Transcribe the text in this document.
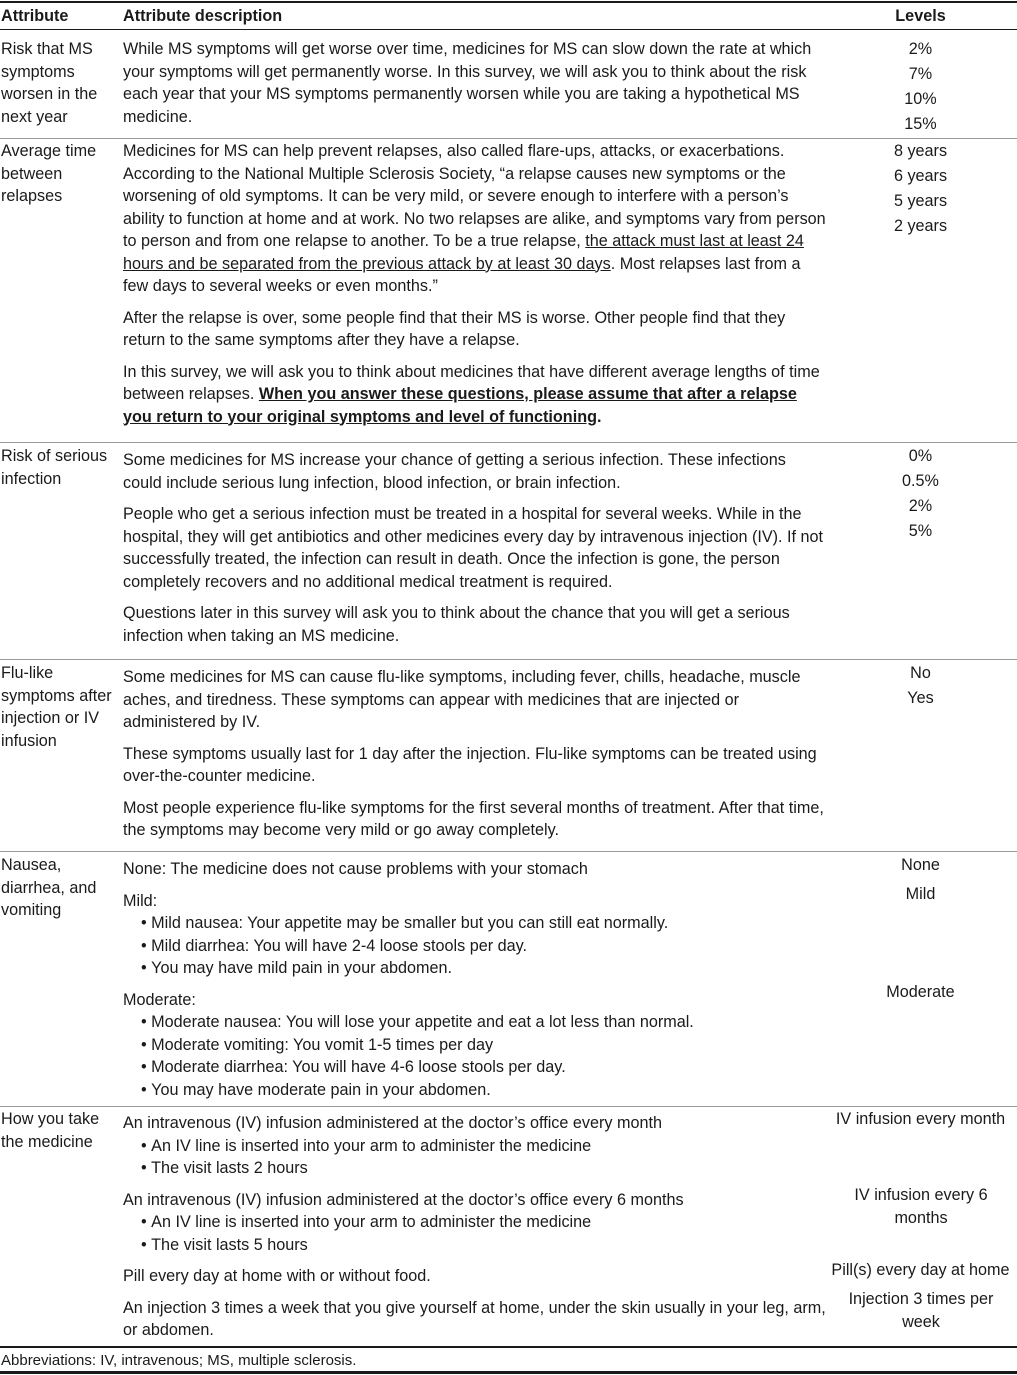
Attribute	Attribute description	Levels
Risk that MS symptoms worsen in the next year

While MS symptoms will get worse over time, medicines for MS can slow down the rate at which your symptoms will get permanently worse. In this survey, we will ask you to think about the risk each year that your MS symptoms permanently worsen while you are taking a hypothetical MS medicine.

2%
7%
10%
15%
Average time between relapses

Medicines for MS can help prevent relapses, also called flare-ups, attacks, or exacerbations. According to the National Multiple Sclerosis Society, “a relapse causes new symptoms or the worsening of old symptoms. It can be very mild, or severe enough to interfere with a person’s ability to function at home and at work. No two relapses are alike, and symptoms vary from person to person and from one relapse to another. To be a true relapse, the attack must last at least 24 hours and be separated from the previous attack by at least 30 days. Most relapses last from a few days to several weeks or even months.”

After the relapse is over, some people find that their MS is worse. Other people find that they return to the same symptoms after they have a relapse.

In this survey, we will ask you to think about medicines that have different average lengths of time between relapses. When you answer these questions, please assume that after a relapse you return to your original symptoms and level of functioning.

8 years
6 years
5 years
2 years
Risk of serious infection

Some medicines for MS increase your chance of getting a serious infection. These infections could include serious lung infection, blood infection, or brain infection.

People who get a serious infection must be treated in a hospital for several weeks. While in the hospital, they will get antibiotics and other medicines every day by intravenous injection (IV). If not successfully treated, the infection can result in death. Once the infection is gone, the person completely recovers and no additional medical treatment is required.

Questions later in this survey will ask you to think about the chance that you will get a serious infection when taking an MS medicine.

0%
0.5%
2%
5%
Flu-like symptoms after injection or IV infusion

Some medicines for MS can cause flu-like symptoms, including fever, chills, headache, muscle aches, and tiredness. These symptoms can appear with medicines that are injected or administered by IV.

These symptoms usually last for 1 day after the injection. Flu-like symptoms can be treated using over-the-counter medicine.

Most people experience flu-like symptoms for the first several months of treatment. After that time, the symptoms may become very mild or go away completely.

No
Yes
Nausea, diarrhea, and vomiting

None: The medicine does not cause problems with your stomach

Mild:
• Mild nausea: Your appetite may be smaller but you can still eat normally.
• Mild diarrhea: You will have 2-4 loose stools per day.
• You may have mild pain in your abdomen.

Moderate:
• Moderate nausea: You will lose your appetite and eat a lot less than normal.
• Moderate vomiting: You vomit 1-5 times per day
• Moderate diarrhea: You will have 4-6 loose stools per day.
• You may have moderate pain in your abdomen.

None
Mild
Moderate
How you take the medicine

An intravenous (IV) infusion administered at the doctor’s office every month
• An IV line is inserted into your arm to administer the medicine
• The visit lasts 2 hours

An intravenous (IV) infusion administered at the doctor’s office every 6 months
• An IV line is inserted into your arm to administer the medicine
• The visit lasts 5 hours

Pill every day at home with or without food.

An injection 3 times a week that you give yourself at home, under the skin usually in your leg, arm, or abdomen.

IV infusion every month
IV infusion every 6 months
Pill(s) every day at home
Injection 3 times per week
Abbreviations: IV, intravenous; MS, multiple sclerosis.
